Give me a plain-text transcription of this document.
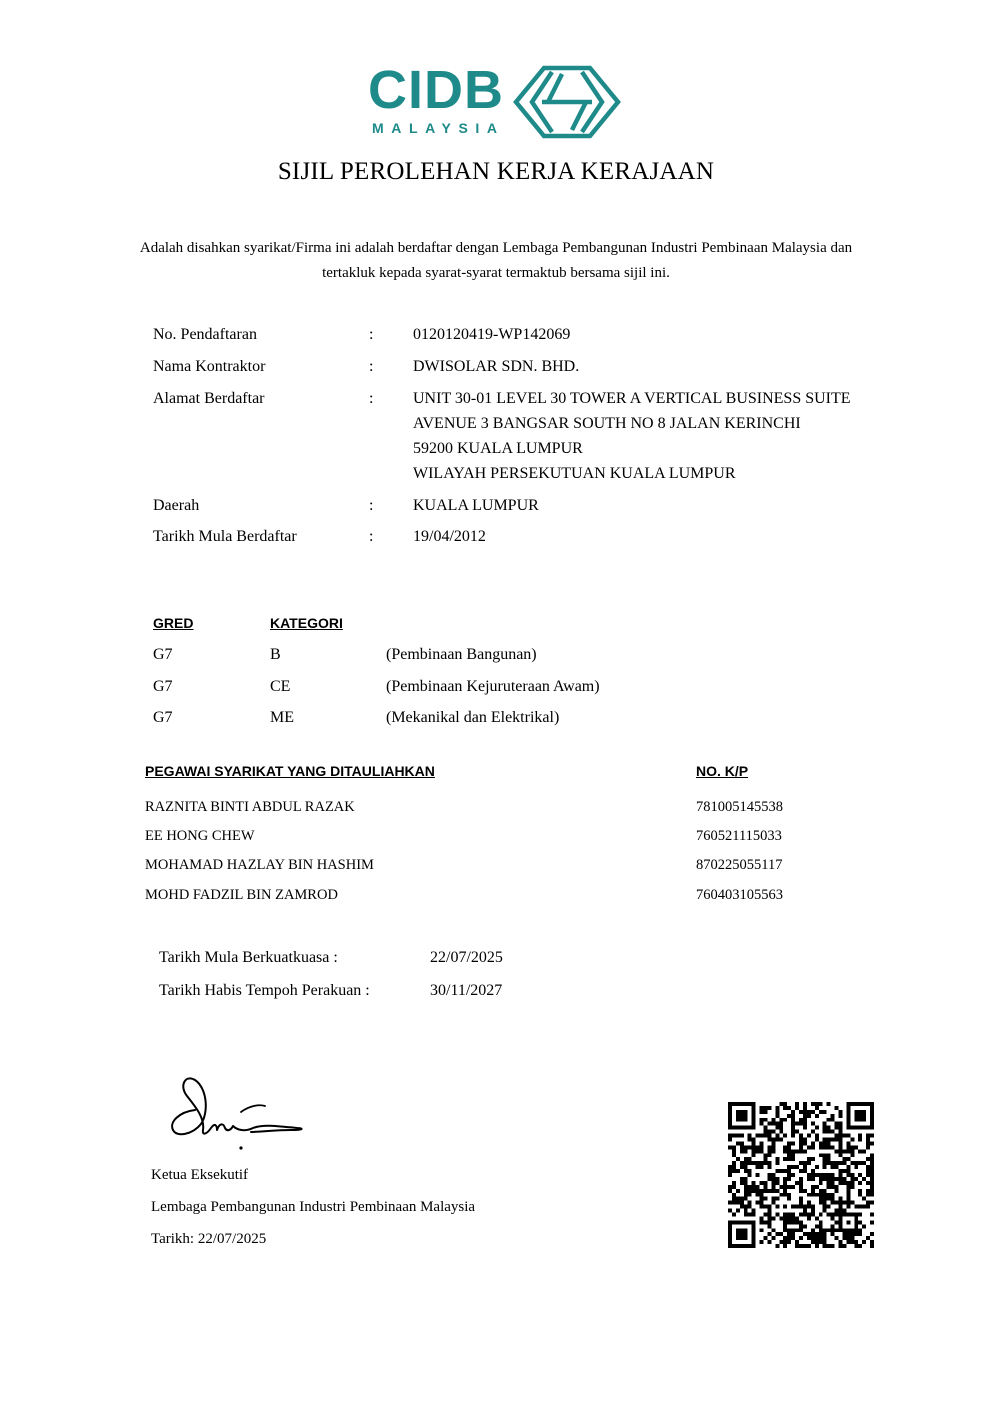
CIDB
MALAYSIA
SIJIL PEROLEHAN KERJA KERAJAAN
Adalah disahkan syarikat/Firma ini adalah berdaftar dengan Lembaga Pembangunan Industri Pembinaan Malaysia dan tertakluk kepada syarat-syarat termaktub bersama sijil ini.
No. Pendaftaran	: 0120120419-WP142069
Nama Kontraktor	: DWISOLAR SDN. BHD.
Alamat Berdaftar	: UNIT 30-01 LEVEL 30 TOWER A VERTICAL BUSINESS SUITE
AVENUE 3 BANGSAR SOUTH NO 8 JALAN KERINCHI
59200 KUALA LUMPUR
WILAYAH PERSEKUTUAN KUALA LUMPUR
Daerah	: KUALA LUMPUR
Tarikh Mula Berdaftar	: 19/04/2012
GRED	KATEGORI
G7	B	(Pembinaan Bangunan)
G7	CE	(Pembinaan Kejuruteraan Awam)
G7	ME	(Mekanikal dan Elektrikal)
PEGAWAI SYARIKAT YANG DITAULIAHKAN	NO. K/P
RAZNITA BINTI ABDUL RAZAK	781005145538
EE HONG CHEW	760521115033
MOHAMAD HAZLAY BIN HASHIM	870225055117
MOHD FADZIL BIN ZAMROD	760403105563
Tarikh Mula Berkuatkuasa :	22/07/2025
Tarikh Habis Tempoh Perakuan :	30/11/2027
Ketua Eksekutif
Lembaga Pembangunan Industri Pembinaan Malaysia
Tarikh: 22/07/2025
